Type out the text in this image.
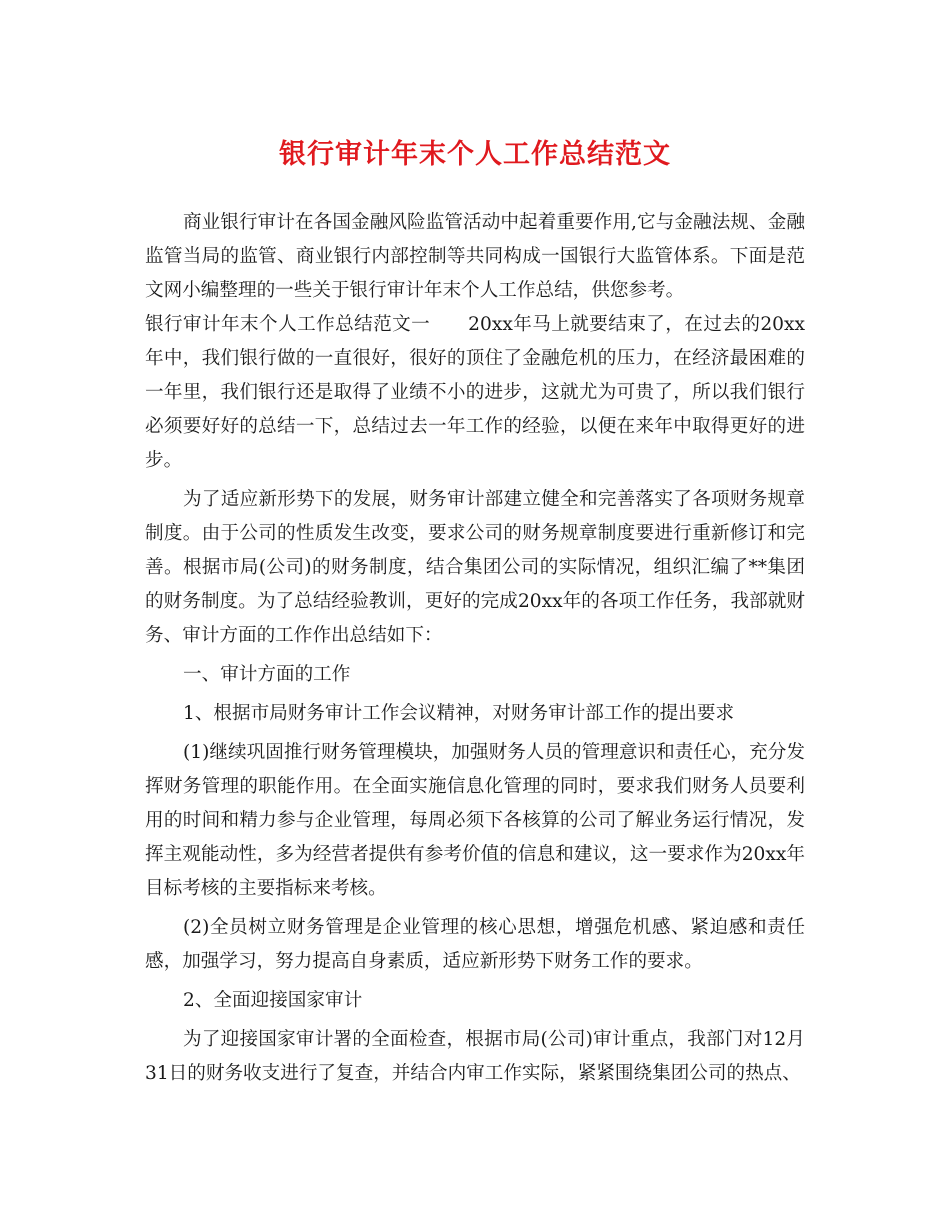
银行审计年末个人工作总结范文

商业银行审计在各国金融风险监管活动中起着重要作用,它与金融法规、金融监管当局的监管、商业银行内部控制等共同构成一国银行大监管体系。下面是范文网小编整理的一些关于银行审计年末个人工作总结，供您参考。

银行审计年末个人工作总结范文一　　20xx年马上就要结束了，在过去的20xx年中，我们银行做的一直很好，很好的顶住了金融危机的压力，在经济最困难的一年里，我们银行还是取得了业绩不小的进步，这就尤为可贵了，所以我们银行必须要好好的总结一下，总结过去一年工作的经验，以便在来年中取得更好的进步。

为了适应新形势下的发展，财务审计部建立健全和完善落实了各项财务规章制度。由于公司的性质发生改变，要求公司的财务规章制度要进行重新修订和完善。根据市局(公司)的财务制度，结合集团公司的实际情况，组织汇编了**集团的财务制度。为了总结经验教训，更好的完成20xx年的各项工作任务，我部就财务、审计方面的工作作出总结如下：

一、审计方面的工作

1、根据市局财务审计工作会议精神，对财务审计部工作的提出要求

(1)继续巩固推行财务管理模块，加强财务人员的管理意识和责任心，充分发挥财务管理的职能作用。在全面实施信息化管理的同时，要求我们财务人员要利用的时间和精力参与企业管理，每周必须下各核算的公司了解业务运行情况，发挥主观能动性，多为经营者提供有参考价值的信息和建议，这一要求作为20xx年目标考核的主要指标来考核。

(2)全员树立财务管理是企业管理的核心思想，增强危机感、紧迫感和责任感，加强学习，努力提高自身素质，适应新形势下财务工作的要求。

2、全面迎接国家审计

为了迎接国家审计署的全面检查，根据市局(公司)审计重点，我部门对12月31日的财务收支进行了复查，并结合内审工作实际，紧紧围绕集团公司的热点、
